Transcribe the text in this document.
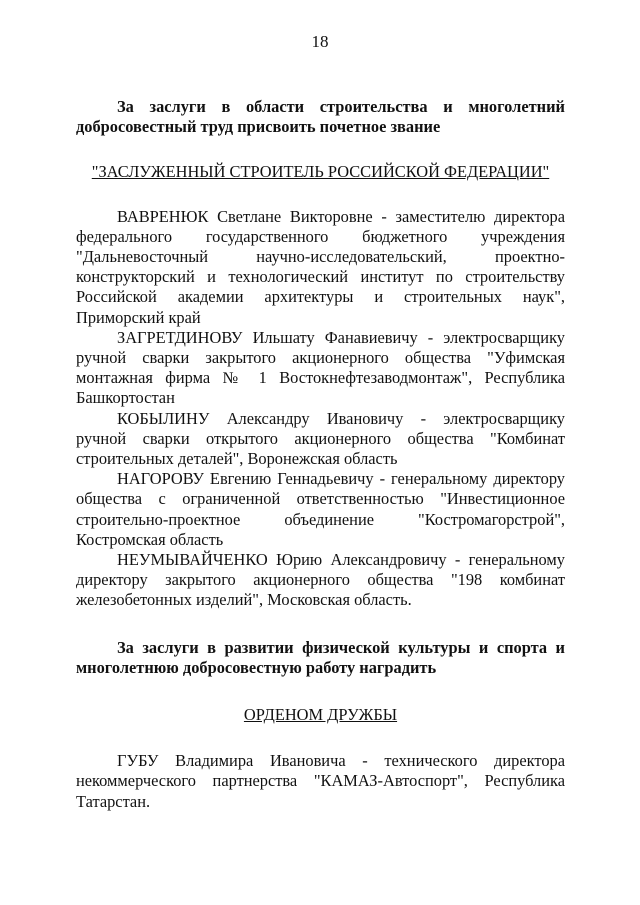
18

За заслуги в области строительства и многолетний добросовестный труд присвоить почетное звание

"ЗАСЛУЖЕННЫЙ СТРОИТЕЛЬ РОССИЙСКОЙ ФЕДЕРАЦИИ"

ВАВРЕНЮК Светлане Викторовне - заместителю директора федерального государственного бюджетного учреждения "Дальневосточный научно-исследовательский, проектно-конструкторский и технологический институт по строительству Российской академии архитектуры и строительных наук", Приморский край

ЗАГРЕТДИНОВУ Ильшату Фанавиевичу - электросварщику ручной сварки закрытого акционерного общества "Уфимская монтажная фирма № 1 Востокнефтезаводмонтаж", Республика Башкортостан

КОБЫЛИНУ Александру Ивановичу - электросварщику ручной сварки открытого акционерного общества "Комбинат строительных деталей", Воронежская область

НАГОРОВУ Евгению Геннадьевичу - генеральному директору общества с ограниченной ответственностью "Инвестиционное строительно-проектное объединение "Костромагорстрой", Костромская область

НЕУМЫВАЙЧЕНКО Юрию Александровичу - генеральному директору закрытого акционерного общества "198 комбинат железобетонных изделий", Московская область.

За заслуги в развитии физической культуры и спорта и многолетнюю добросовестную работу наградить

ОРДЕНОМ ДРУЖБЫ

ГУБУ Владимира Ивановича - технического директора некоммерческого партнерства "КАМАЗ-Автоспорт", Республика Татарстан.
